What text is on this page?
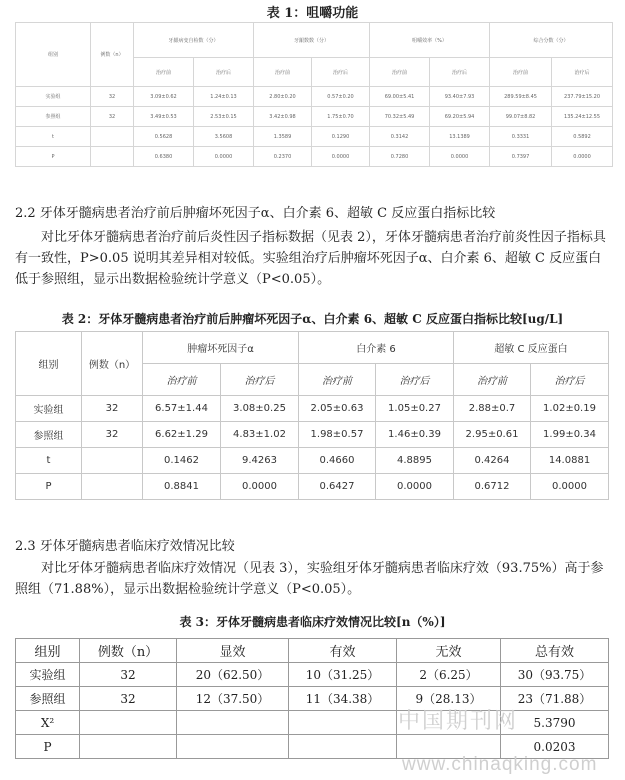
表 1：咀嚼功能
组别	例数（n）	牙龈病变自检数（分）		牙龈数数（分）		咀嚼效率（%）		综合分数（分）	
		治疗前	治疗后	治疗前	治疗后	治疗前	治疗后	治疗前	治疗后
实验组	32	3.09±0.62	1.24±0.13	2.80±0.20	0.57±0.20	69.00±5.41	93.40±7.93	289.59±8.45	237.79±15.20
参照组	32	3.49±0.53	2.53±0.15	3.42±0.98	1.75±0.70	70.32±5.49	69.20±5.94	99.07±8.82	135.24±12.55
t		0.5628	3.5608	1.3589	0.1290	0.3142	13.1389	0.3331	0.5892
P		0.6380	0.0000	0.2370	0.0000	0.7280	0.0000	0.7397	0.0000
2.2 牙体牙髓病患者治疗前后肿瘤坏死因子α、白介素 6、超敏 C 反应蛋白指标比较

对比牙体牙髓病患者治疗前后炎性因子指标数据（见表 2），牙体牙髓病患者治疗前炎性因子指标具有一致性，P>0.05 说明其差异相对较低。实验组治疗后肿瘤坏死因子α、白介素 6、超敏 C 反应蛋白低于参照组，显示出数据检验统计学意义（P<0.05）。

表 2：牙体牙髓病患者治疗前后肿瘤坏死因子α、白介素 6、超敏 C 反应蛋白指标比较[ug/L]
组别	例数（n）	肿瘤坏死因子α		白介素 6		超敏 C 反应蛋白	
		治疗前	治疗后	治疗前	治疗后	治疗前	治疗后
实验组	32	6.57±1.44	3.08±0.25	2.05±0.63	1.05±0.27	2.88±0.7	1.02±0.19
参照组	32	6.62±1.29	4.83±1.02	1.98±0.57	1.46±0.39	2.95±0.61	1.99±0.34
t		0.1462	9.4263	0.4660	4.8895	0.4264	14.0881
P		0.8841	0.0000	0.6427	0.0000	0.6712	0.0000
2.3 牙体牙髓病患者临床疗效情况比较

对比牙体牙髓病患者临床疗效情况（见表 3），实验组牙体牙髓病患者临床疗效（93.75%）高于参照组（71.88%），显示出数据检验统计学意义（P<0.05）。

表 3：牙体牙髓病患者临床疗效情况比较[n（%）]
组别	例数（n）	显效	有效	无效	总有效
实验组	32	20（62.50）	10（31.25）	2（6.25）	30（93.75）
参照组	32	12（37.50）	11（34.38）	9（28.13）	23（71.88）
X²					5.3790
P					0.0203
中国期刊网
www.chinaqking.com
